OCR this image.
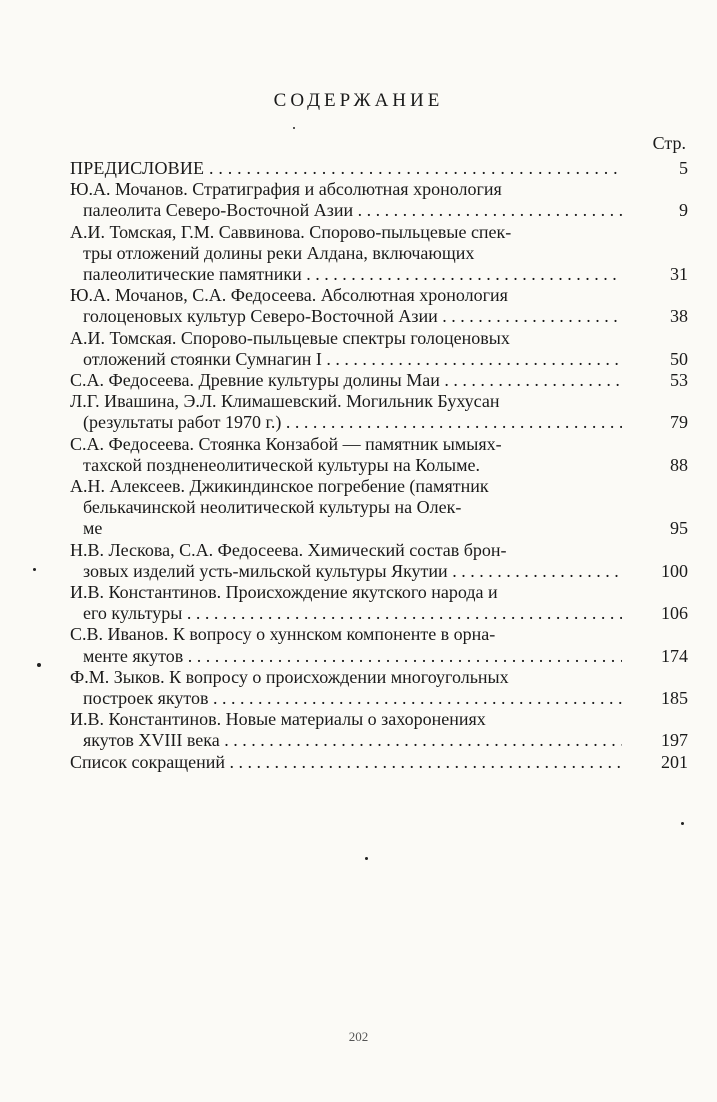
СОДЕРЖАНИЕ
Стр.
ПРЕДИСЛОВИЕ . . .	5
Ю.А. Мочанов. Стратиграфия и абсолютная хронология
палеолита Северо-Восточной Азии . . .	9
А.И. Томская, Г.М. Саввинова. Спорово-пыльцевые спек-
тры отложений долины реки Алдана, включающих
палеолитические памятники . . .	31
Ю.А. Мочанов, С.А. Федосеева. Абсолютная хронология
голоценовых культур Северо-Восточной Азии . . .	38
А.И. Томская. Спорово-пыльцевые спектры голоценовых
отложений стоянки Сумнагин I . . .	50
С.А. Федосеева. Древние культуры долины Маи . . .	53
Л.Г. Ивашина, Э.Л. Климашевский. Могильник Бухусан
(результаты работ 1970 г.) . . .	79
С.А. Федосеева. Стоянка Конзабой — памятник ымыях-
тахской поздненеолитической культуры на Колыме.	88
А.Н. Алексеев. Джикиндинское погребение (памятник
белькачинской неолитической культуры на Олек-
ме	95
Н.В. Лескова, С.А. Федосеева. Химический состав брон-
зовых изделий усть-мильской культуры Якутии . . .	100
И.В. Константинов. Происхождение якутского народа и
его культуры . . .	106
С.В. Иванов. К вопросу о хуннском компоненте в орна-
менте якутов . . .	174
Ф.М. Зыков. К вопросу о происхождении многоугольных
построек якутов . . .	185
И.В. Константинов. Новые материалы о захоронениях
якутов XVIII века . . .	197
Список сокращений . . .	201
202
